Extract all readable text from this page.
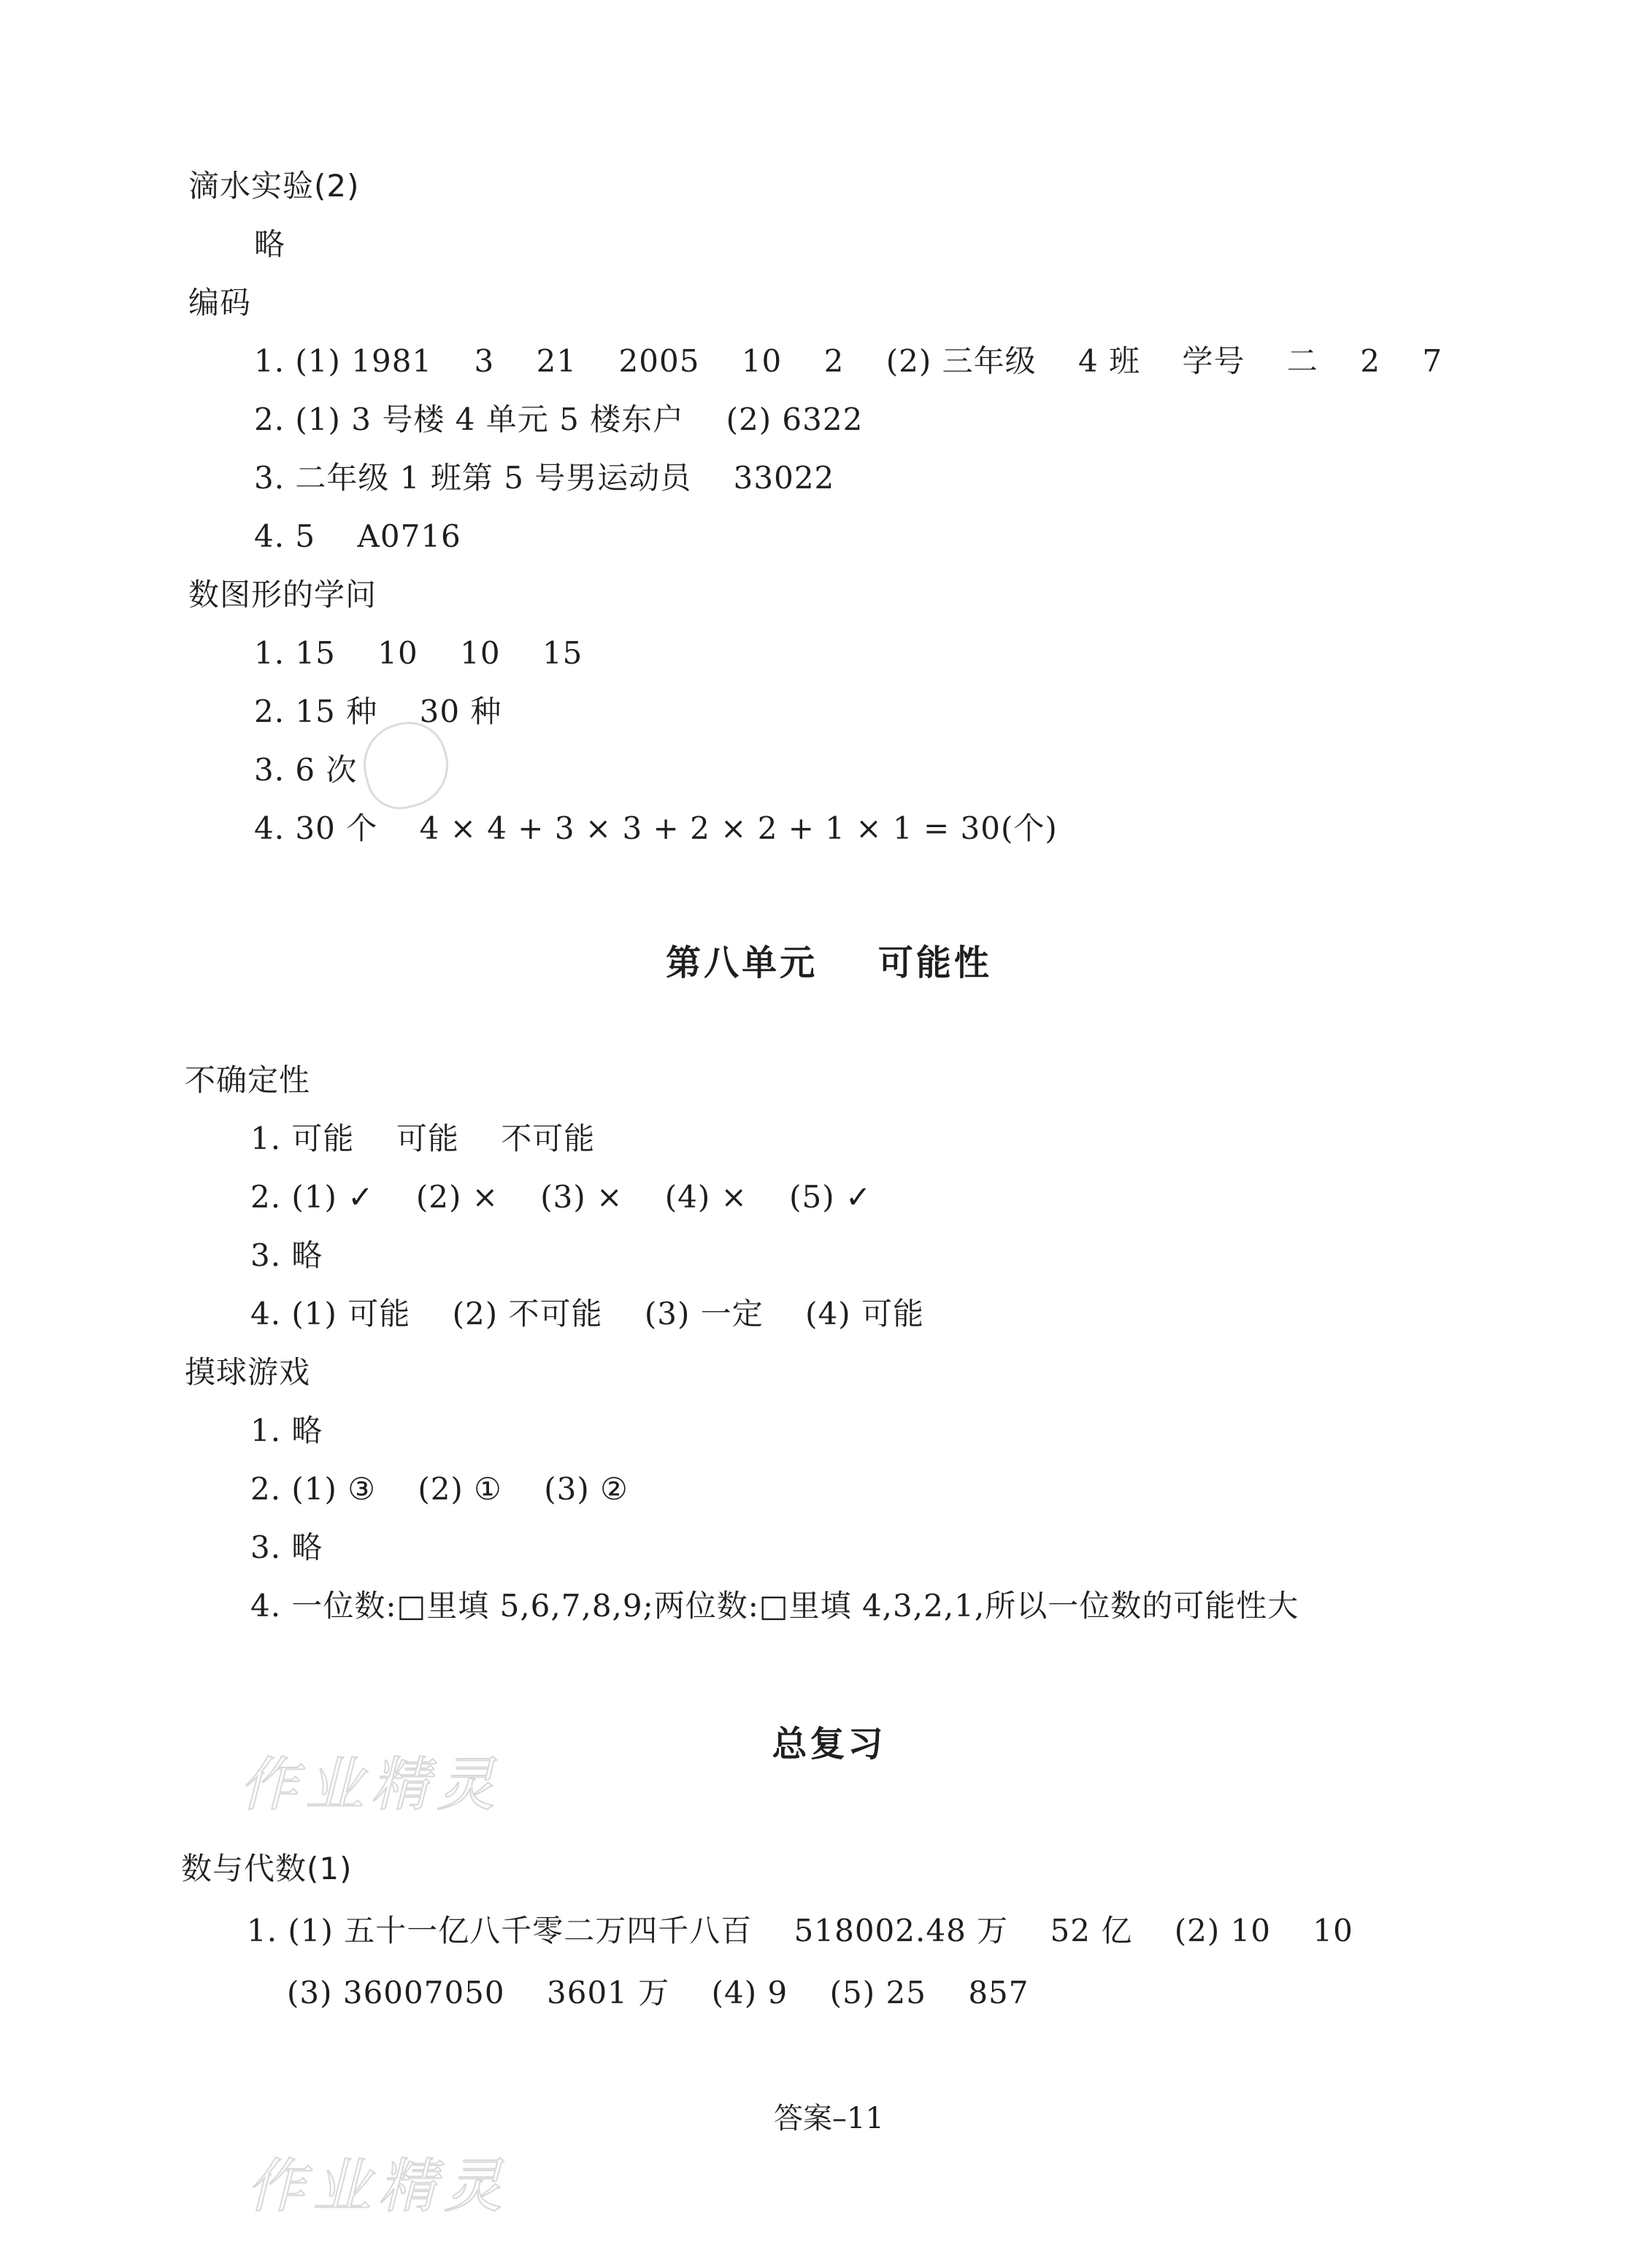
滴水实验(2)
略
编码
1. (1) 1981    3    21    2005    10    2    (2) 三年级    4 班    学号    二    2    7
2. (1) 3 号楼 4 单元 5 楼东户    (2) 6322
3. 二年级 1 班第 5 号男运动员    33022
4. 5    A0716
数图形的学问
1. 15    10    10    15
2. 15 种    30 种
3. 6 次
4. 30 个    4 × 4 + 3 × 3 + 2 × 2 + 1 × 1 = 30(个)
第八单元    可能性
不确定性
1. 可能    可能    不可能
2. (1) ✓    (2) ×    (3) ×    (4) ×    (5) ✓
3. 略
4. (1) 可能    (2) 不可能    (3) 一定    (4) 可能
摸球游戏
1. 略
2. (1) ③    (2) ①    (3) ②
3. 略
4. 一位数:□里填 5,6,7,8,9;两位数:□里填 4,3,2,1,所以一位数的可能性大
总复习
作业精灵
数与代数(1)
1. (1) 五十一亿八千零二万四千八百    518002.48 万    52 亿    (2) 10    10
(3) 36007050    3601 万    (4) 9    (5) 25    857
答案–11
作业精灵
